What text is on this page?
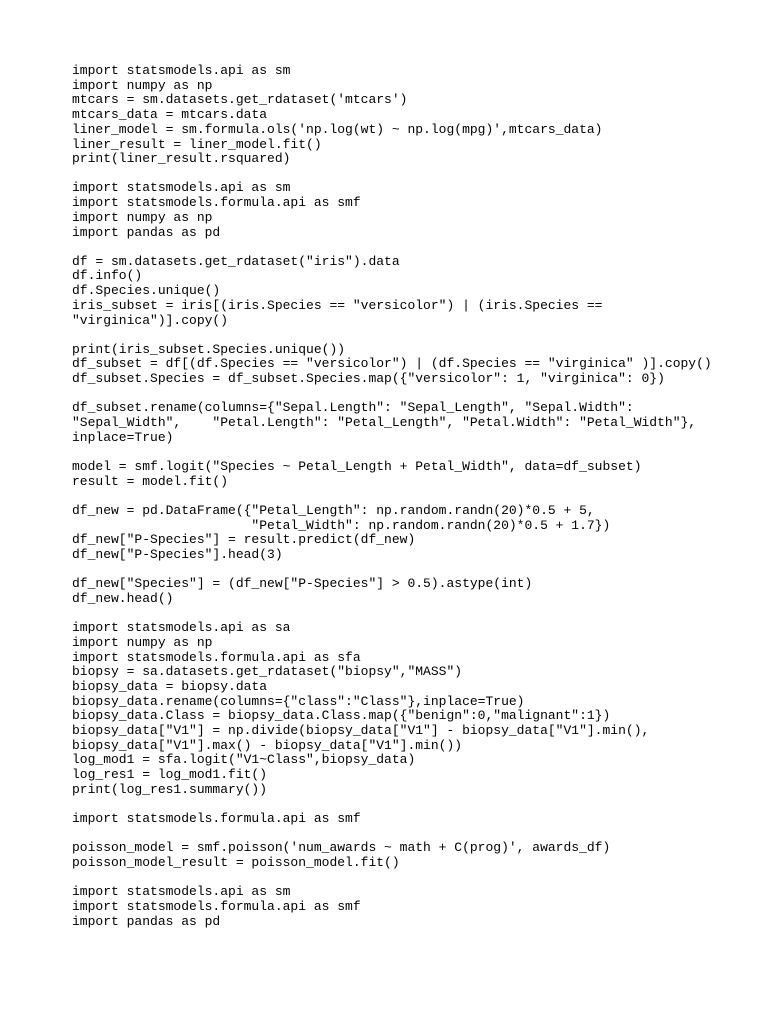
import statsmodels.api as sm
import numpy as np
mtcars = sm.datasets.get_rdataset('mtcars')
mtcars_data = mtcars.data
liner_model = sm.formula.ols('np.log(wt) ~ np.log(mpg)',mtcars_data)
liner_result = liner_model.fit()
print(liner_result.rsquared)
import statsmodels.api as sm
import statsmodels.formula.api as smf
import numpy as np
import pandas as pd
df = sm.datasets.get_rdataset("iris").data
df.info()
df.Species.unique()
iris_subset = iris[(iris.Species == "versicolor") | (iris.Species ==
"virginica")].copy()
print(iris_subset.Species.unique())
df_subset = df[(df.Species == "versicolor") | (df.Species == "virginica" )].copy()
df_subset.Species = df_subset.Species.map({"versicolor": 1, "virginica": 0})
df_subset.rename(columns={"Sepal.Length": "Sepal_Length", "Sepal.Width":
"Sepal_Width",    "Petal.Length": "Petal_Length", "Petal.Width": "Petal_Width"},
inplace=True)
model = smf.logit("Species ~ Petal_Length + Petal_Width", data=df_subset)
result = model.fit()
df_new = pd.DataFrame({"Petal_Length": np.random.randn(20)*0.5 + 5,
"Petal_Width": np.random.randn(20)*0.5 + 1.7})
df_new["P-Species"] = result.predict(df_new)
df_new["P-Species"].head(3)
df_new["Species"] = (df_new["P-Species"] > 0.5).astype(int)
df_new.head()
import statsmodels.api as sa
import numpy as np
import statsmodels.formula.api as sfa
biopsy = sa.datasets.get_rdataset("biopsy","MASS")
biopsy_data = biopsy.data
biopsy_data.rename(columns={"class":"Class"},inplace=True)
biopsy_data.Class = biopsy_data.Class.map({"benign":0,"malignant":1})
biopsy_data["V1"] = np.divide(biopsy_data["V1"] - biopsy_data["V1"].min(),
biopsy_data["V1"].max() - biopsy_data["V1"].min())
log_mod1 = sfa.logit("V1~Class",biopsy_data)
log_res1 = log_mod1.fit()
print(log_res1.summary())
import statsmodels.formula.api as smf
poisson_model = smf.poisson('num_awards ~ math + C(prog)', awards_df)
poisson_model_result = poisson_model.fit()
import statsmodels.api as sm
import statsmodels.formula.api as smf
import pandas as pd
